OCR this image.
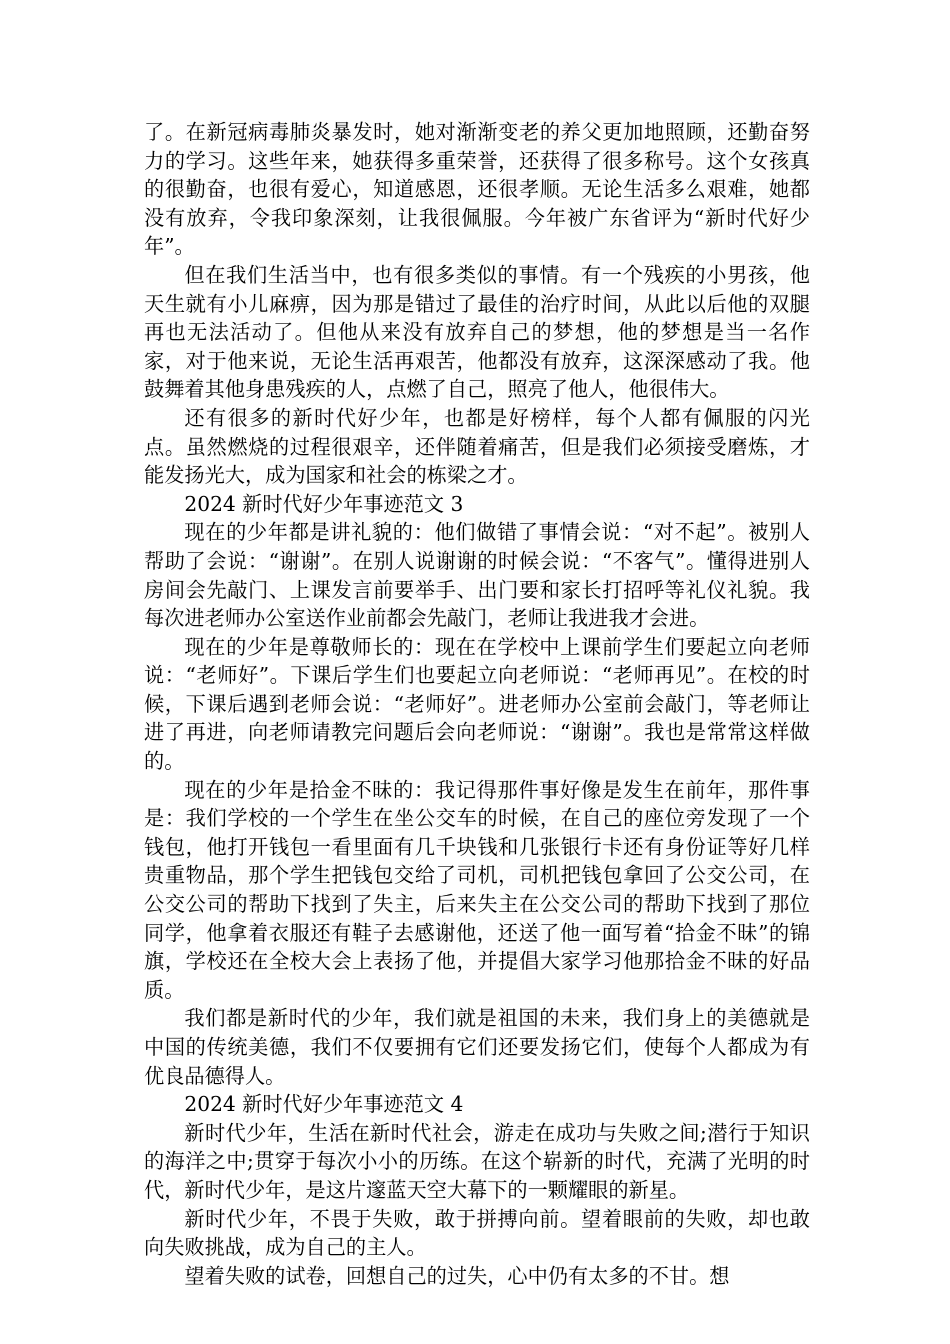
了。在新冠病毒肺炎暴发时，她对渐渐变老的养父更加地照顾，还勤奋努力的学习。这些年来，她获得多重荣誉，还获得了很多称号。这个女孩真的很勤奋，也很有爱心，知道感恩，还很孝顺。无论生活多么艰难，她都没有放弃，令我印象深刻，让我很佩服。今年被广东省评为“新时代好少年”。

但在我们生活当中，也有很多类似的事情。有一个残疾的小男孩，他天生就有小儿麻痹，因为那是错过了最佳的治疗时间，从此以后他的双腿再也无法活动了。但他从来没有放弃自己的梦想，他的梦想是当一名作家，对于他来说，无论生活再艰苦，他都没有放弃，这深深感动了我。他鼓舞着其他身患残疾的人，点燃了自己，照亮了他人，他很伟大。

还有很多的新时代好少年，也都是好榜样，每个人都有佩服的闪光点。虽然燃烧的过程很艰辛，还伴随着痛苦，但是我们必须接受磨炼，才能发扬光大，成为国家和社会的栋梁之才。

2024 新时代好少年事迹范文 3

现在的少年都是讲礼貌的：他们做错了事情会说：“对不起”。被别人帮助了会说：“谢谢”。在别人说谢谢的时候会说：“不客气”。懂得进别人房间会先敲门、上课发言前要举手、出门要和家长打招呼等礼仪礼貌。我每次进老师办公室送作业前都会先敲门，老师让我进我才会进。

现在的少年是尊敬师长的：现在在学校中上课前学生们要起立向老师说：“老师好”。下课后学生们也要起立向老师说：“老师再见”。在校的时候，下课后遇到老师会说：“老师好”。进老师办公室前会敲门，等老师让进了再进，向老师请教完问题后会向老师说：“谢谢”。我也是常常这样做的。

现在的少年是拾金不昧的：我记得那件事好像是发生在前年，那件事是：我们学校的一个学生在坐公交车的时候，在自己的座位旁发现了一个钱包，他打开钱包一看里面有几千块钱和几张银行卡还有身份证等好几样贵重物品，那个学生把钱包交给了司机，司机把钱包拿回了公交公司，在公交公司的帮助下找到了失主，后来失主在公交公司的帮助下找到了那位同学，他拿着衣服还有鞋子去感谢他，还送了他一面写着“拾金不昧”的锦旗，学校还在全校大会上表扬了他，并提倡大家学习他那拾金不昧的好品质。

我们都是新时代的少年，我们就是祖国的未来，我们身上的美德就是中国的传统美德，我们不仅要拥有它们还要发扬它们，使每个人都成为有优良品德得人。

2024 新时代好少年事迹范文 4

新时代少年，生活在新时代社会，游走在成功与失败之间;潜行于知识的海洋之中;贯穿于每次小小的历练。在这个崭新的时代，充满了光明的时代，新时代少年，是这片邃蓝天空大幕下的一颗耀眼的新星。

新时代少年，不畏于失败，敢于拼搏向前。望着眼前的失败，却也敢向失败挑战，成为自己的主人。

望着失败的试卷，回想自己的过失，心中仍有太多的不甘。想
